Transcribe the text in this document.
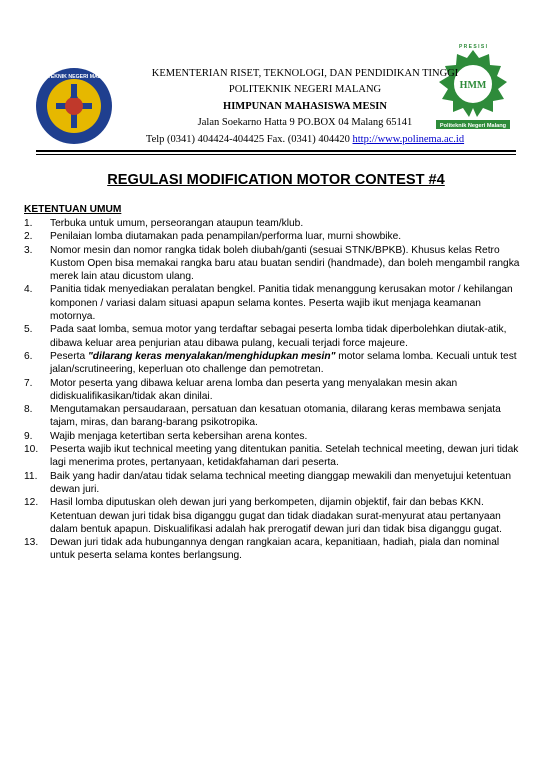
POLITEKNIK NEGERI MALANG
HMM
P R E S I S I
Politeknik Negeri Malang
KEMENTERIAN RISET, TEKNOLOGI, DAN PENDIDIKAN TINGGI
POLITEKNIK NEGERI MALANG
HIMPUNAN MAHASISWA MESIN
Jalan Soekarno Hatta 9 PO.BOX 04 Malang 65141
Telp (0341) 404424-404425 Fax. (0341) 404420 http://www.polinema.ac.id
REGULASI MODIFICATION MOTOR CONTEST #4
KETENTUAN UMUM
1. Terbuka untuk umum, perseorangan ataupun team/klub.
2. Penilaian lomba diutamakan pada penampilan/performa luar, murni showbike.
3. Nomor mesin dan nomor rangka tidak boleh diubah/ganti (sesuai STNK/BPKB). Khusus kelas Retro Kustom Open bisa memakai rangka baru atau buatan sendiri (handmade), dan boleh mengambil rangka merek lain atau dicustom ulang.
4. Panitia tidak menyediakan peralatan bengkel. Panitia tidak menanggung kerusakan motor / kehilangan komponen / variasi dalam situasi apapun selama kontes. Peserta wajib ikut menjaga keamanan motornya.
5. Pada saat lomba, semua motor yang terdaftar sebagai peserta lomba tidak diperbolehkan diutak-atik, dibawa keluar area penjurian atau dibawa pulang, kecuali terjadi force majeure.
6. Peserta "dilarang keras menyalakan/menghidupkan mesin" motor selama lomba. Kecuali untuk test jalan/scrutineering, keperluan oto challenge dan pemotretan.
7. Motor peserta yang dibawa keluar arena lomba dan peserta yang menyalakan mesin akan didiskualifikasikan/tidak akan dinilai.
8. Mengutamakan persaudaraan, persatuan dan kesatuan otomania, dilarang keras membawa senjata tajam, miras, dan barang-barang psikotropika.
9. Wajib menjaga ketertiban serta kebersihan arena kontes.
10. Peserta wajib ikut technical meeting yang ditentukan panitia. Setelah technical meeting, dewan juri tidak lagi menerima protes, pertanyaan, ketidakfahaman dari peserta.
11. Baik yang hadir dan/atau tidak selama technical meeting dianggap mewakili dan menyetujui ketentuan dewan juri.
12. Hasil lomba diputuskan oleh dewan juri yang berkompeten, dijamin objektif, fair dan bebas KKN. Ketentuan dewan juri tidak bisa diganggu gugat dan tidak diadakan surat-menyurat atau pertanyaan dalam bentuk apapun. Diskualifikasi adalah hak prerogatif dewan juri dan tidak bisa diganggu gugat.
13. Dewan juri tidak ada hubungannya dengan rangkaian acara, kepanitiaan, hadiah, piala dan nominal untuk peserta selama kontes berlangsung.
